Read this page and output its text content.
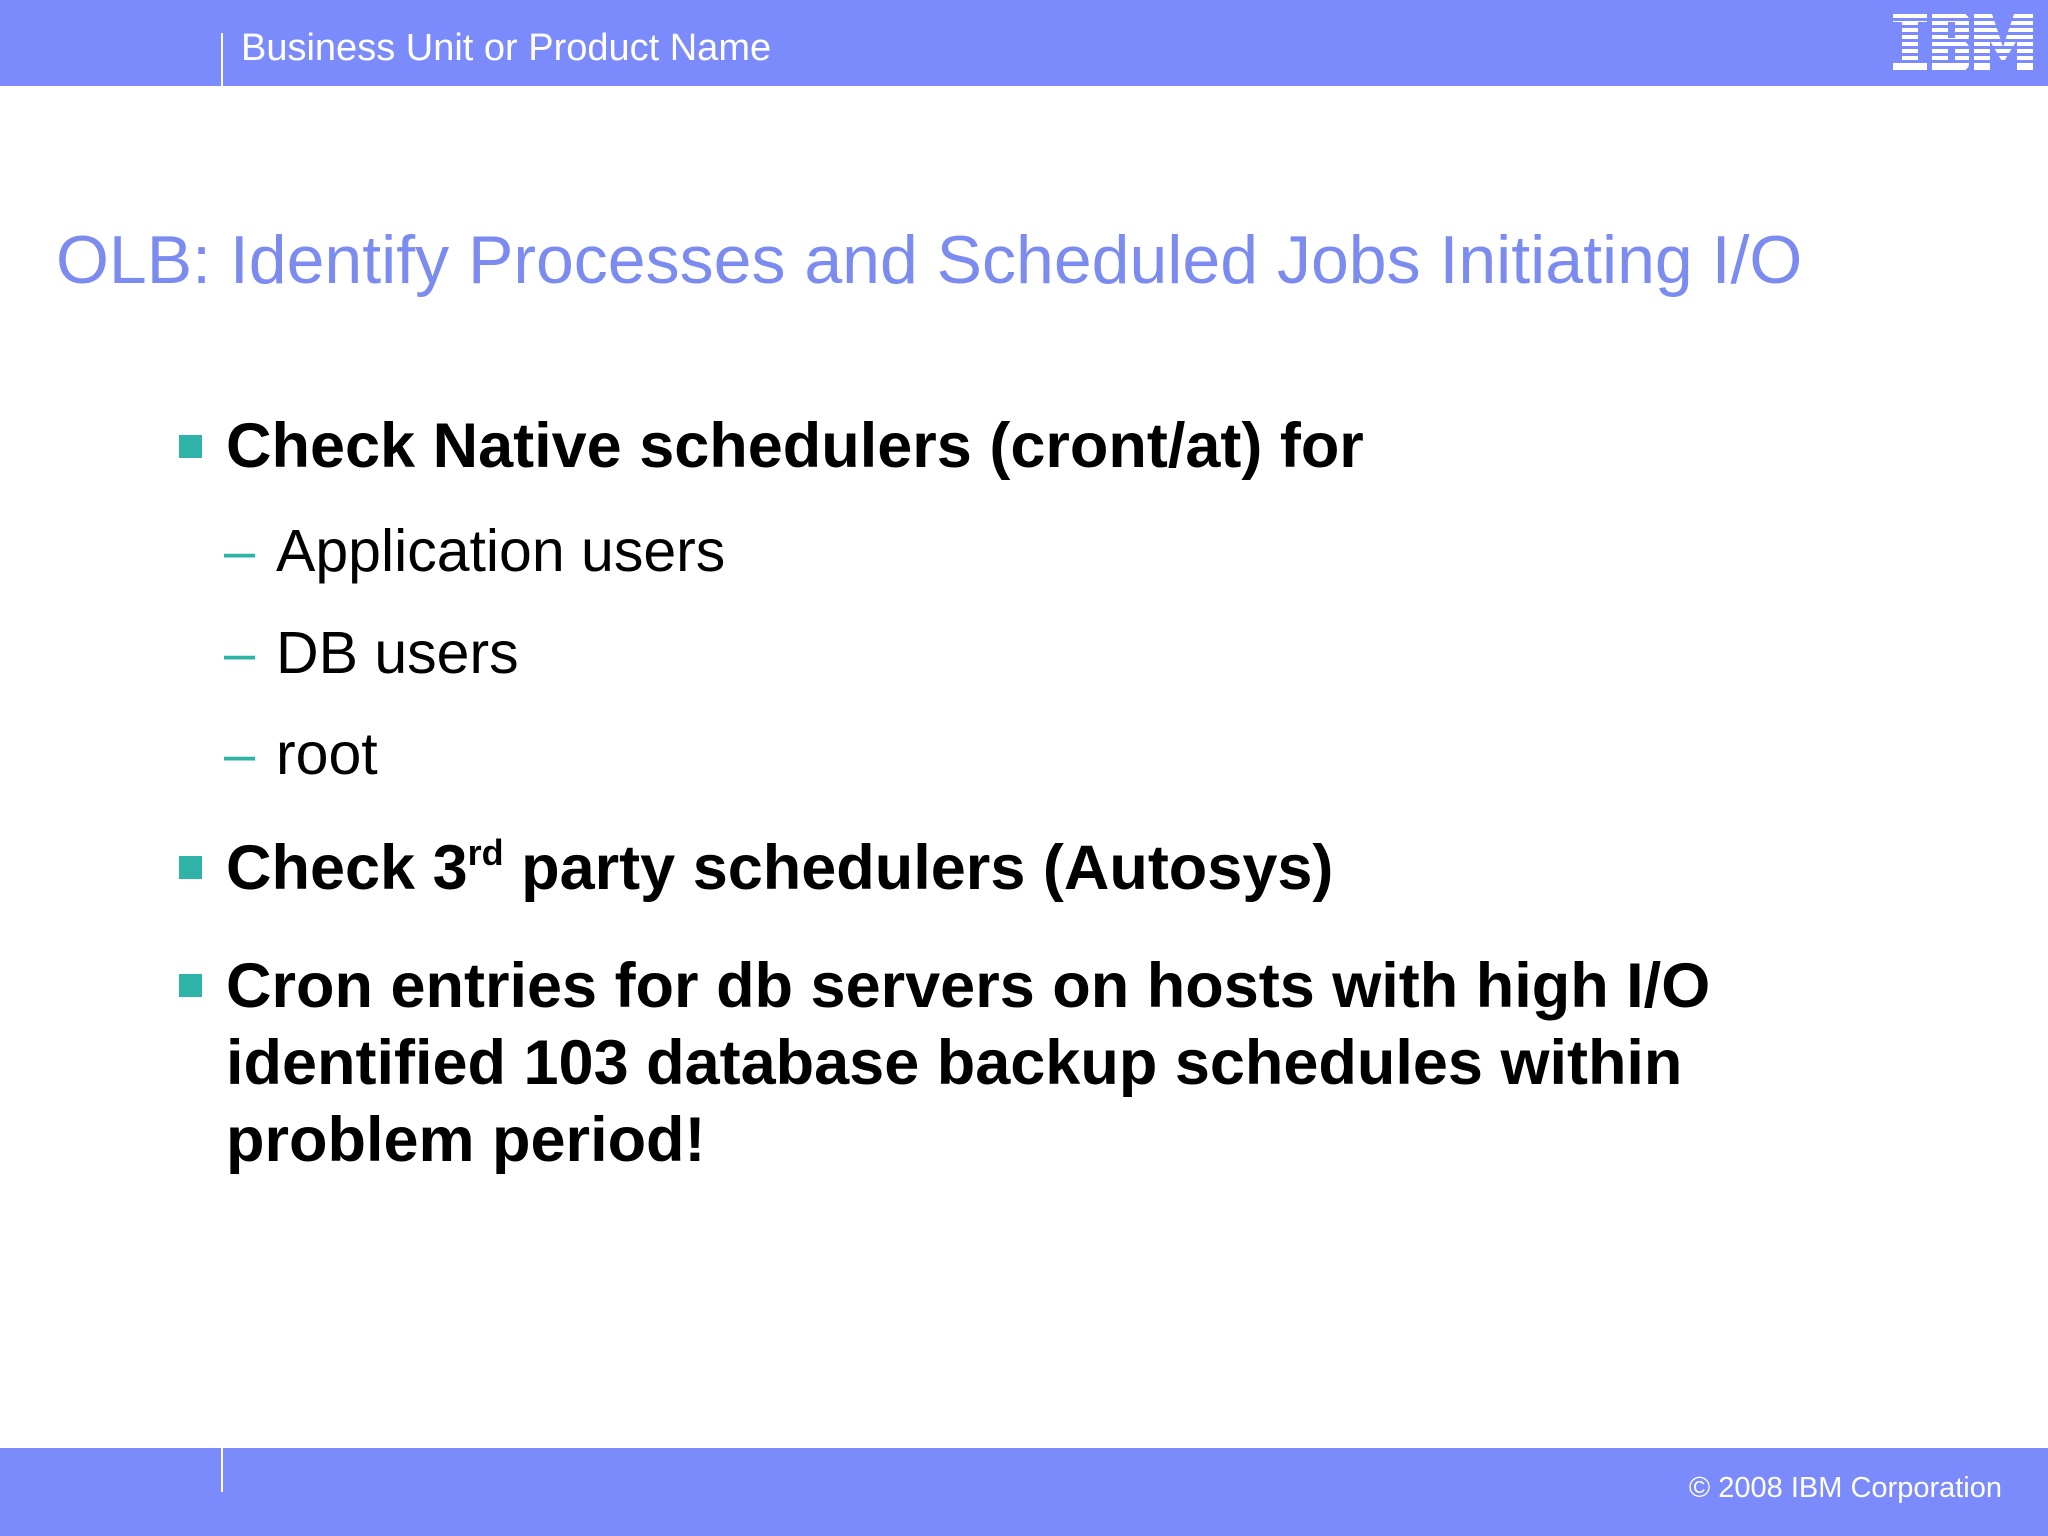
Business Unit or Product Name
OLB: Identify Processes and Scheduled Jobs Initiating I/O
Check Native schedulers (cront/at) for
– Application users
– DB users
– root
Check 3rd party schedulers (Autosys)
Cron entries for db servers on hosts with high I/O
identified 103 database backup schedules within
problem period!
© 2008 IBM Corporation
